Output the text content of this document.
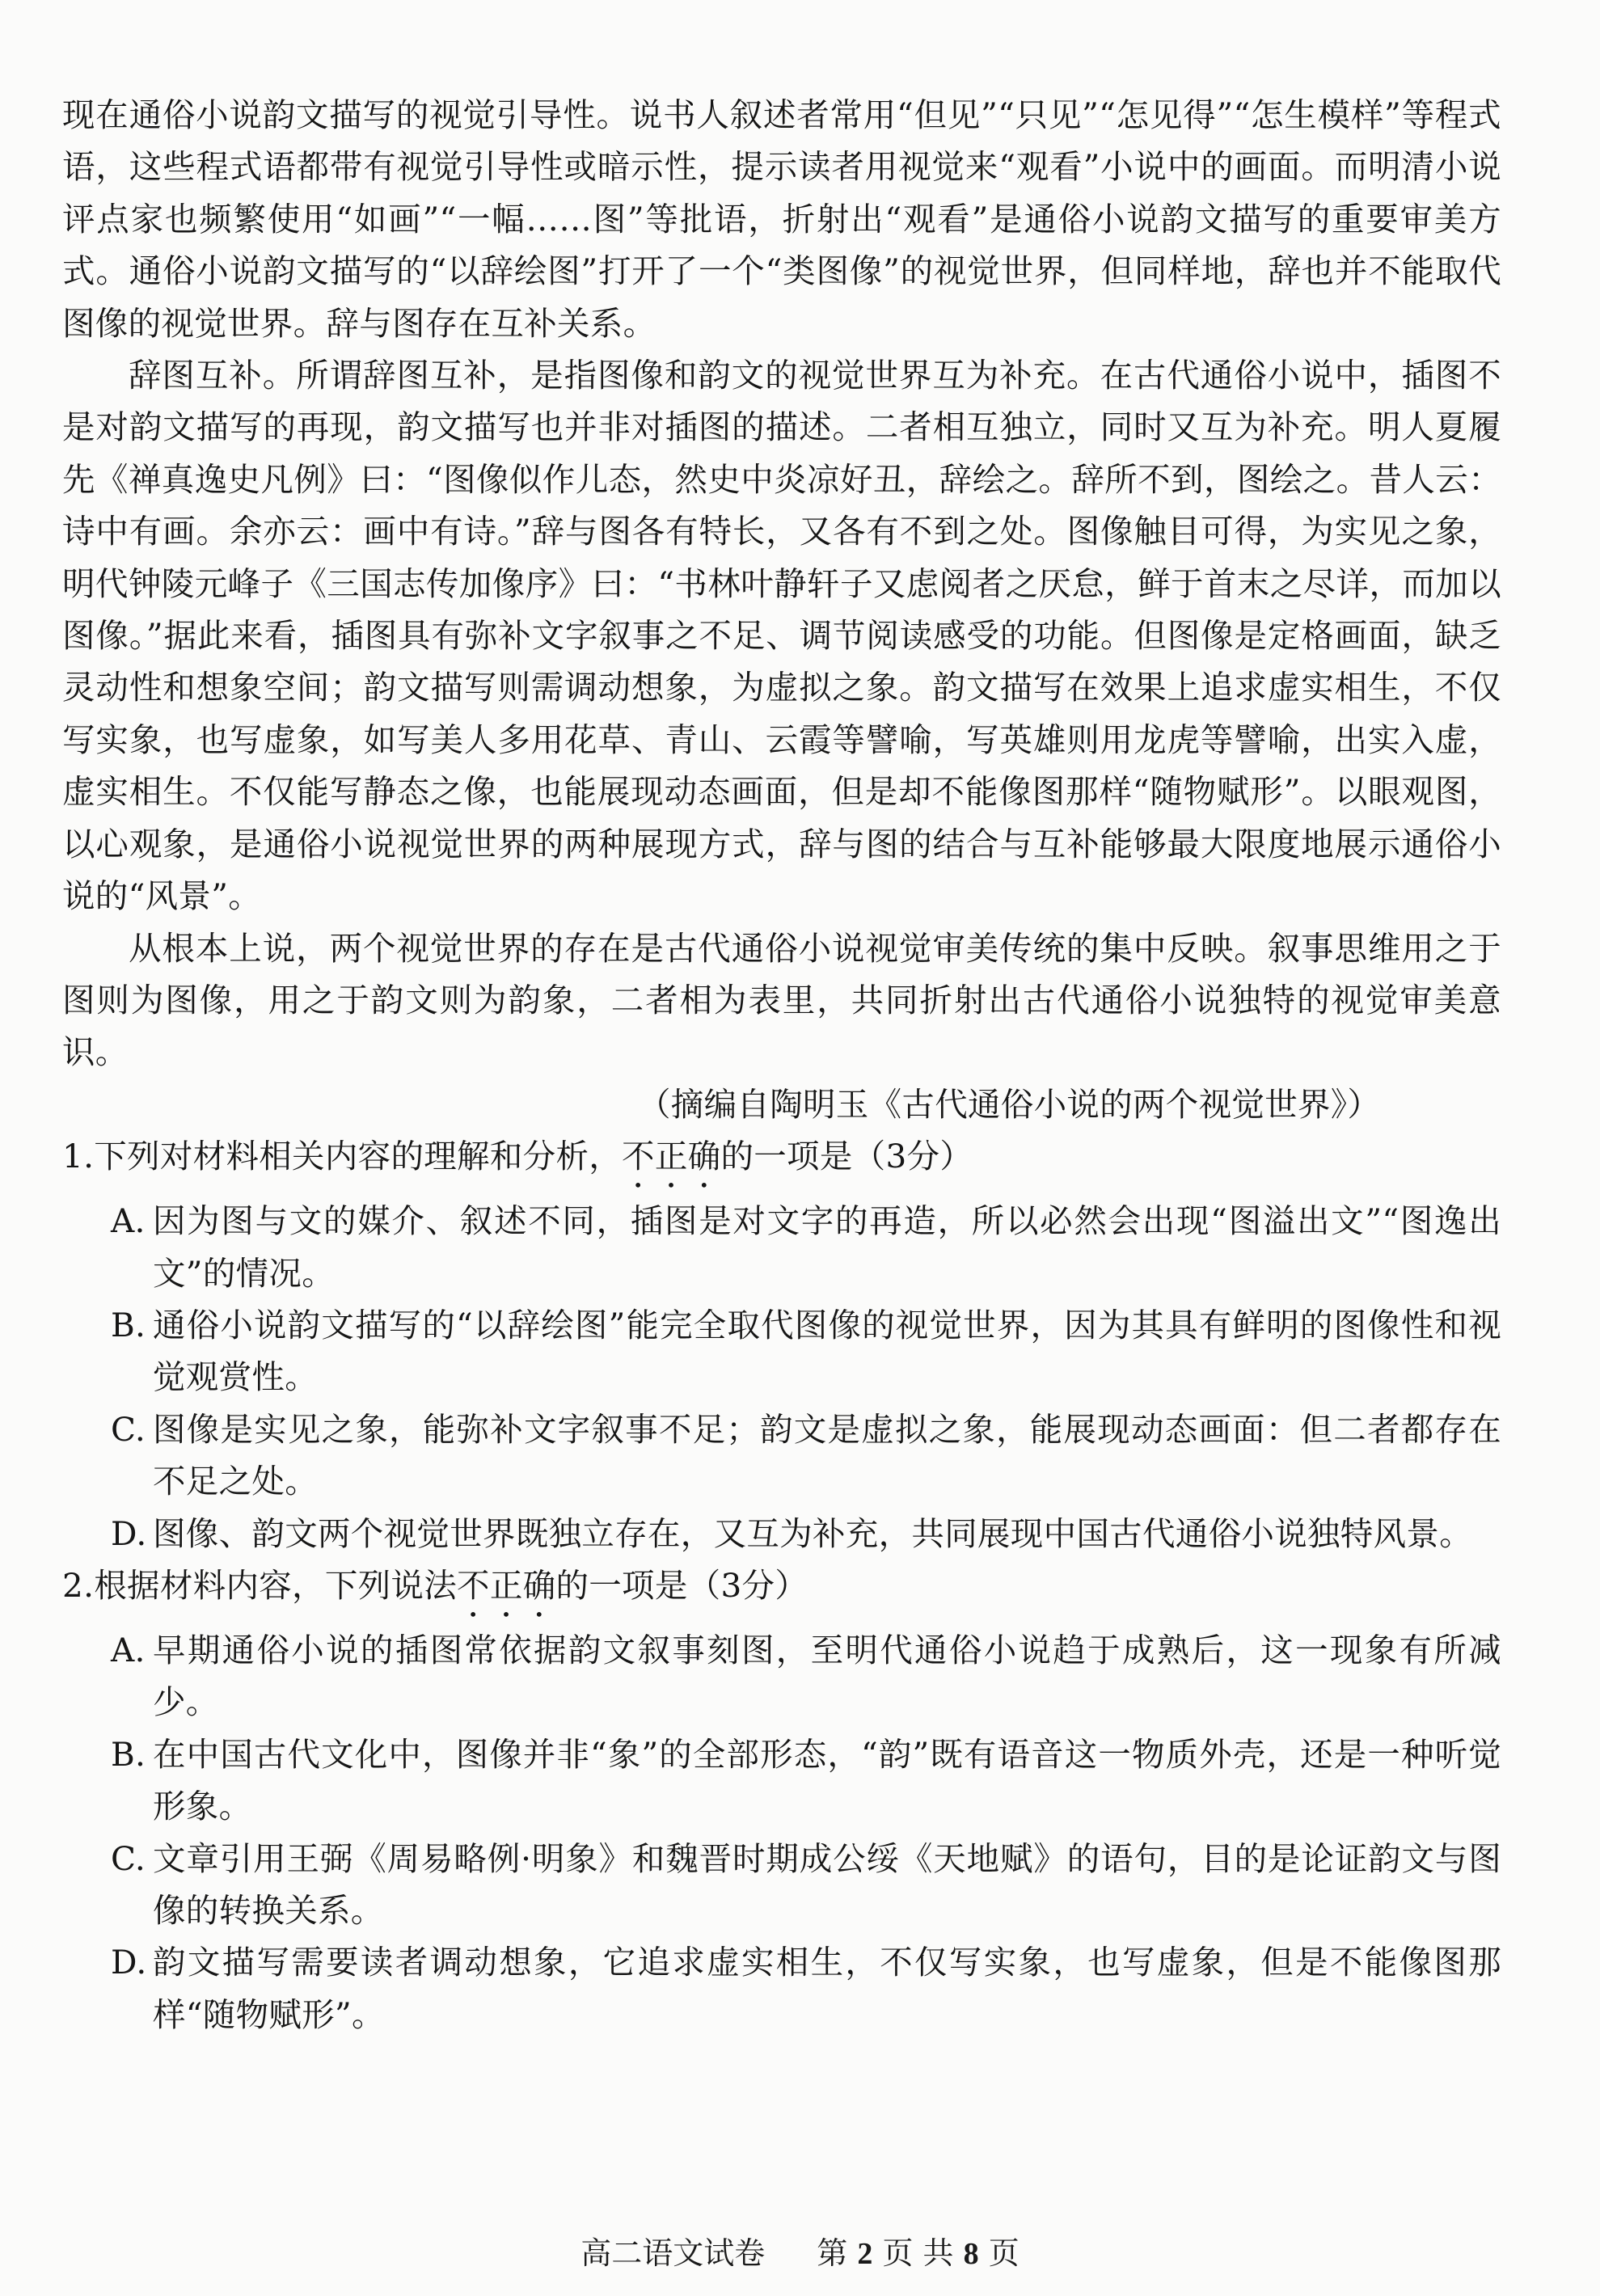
现在通俗小说韵文描写的视觉引导性。说书人叙述者常用“但见”“只见”“怎见得”“怎生模样”等程式语，这些程式语都带有视觉引导性或暗示性，提示读者用视觉来“观看”小说中的画面。而明清小说评点家也频繁使用“如画”“一幅……图”等批语，折射出“观看”是通俗小说韵文描写的重要审美方式。通俗小说韵文描写的“以辞绘图”打开了一个“类图像”的视觉世界，但同样地，辞也并不能取代图像的视觉世界。辞与图存在互补关系。

辞图互补。所谓辞图互补，是指图像和韵文的视觉世界互为补充。在古代通俗小说中，插图不是对韵文描写的再现，韵文描写也并非对插图的描述。二者相互独立，同时又互为补充。明人夏履先《禅真逸史凡例》曰：“图像似作儿态，然史中炎凉好丑，辞绘之。辞所不到，图绘之。昔人云：诗中有画。余亦云：画中有诗。”辞与图各有特长，又各有不到之处。图像触目可得，为实见之象，明代钟陵元峰子《三国志传加像序》曰：“书林叶静轩子又虑阅者之厌怠，鲜于首末之尽详，而加以图像。”据此来看，插图具有弥补文字叙事之不足、调节阅读感受的功能。但图像是定格画面，缺乏灵动性和想象空间；韵文描写则需调动想象，为虚拟之象。韵文描写在效果上追求虚实相生，不仅写实象，也写虚象，如写美人多用花草、青山、云霞等譬喻，写英雄则用龙虎等譬喻，出实入虚，虚实相生。不仅能写静态之像，也能展现动态画面，但是却不能像图那样“随物赋形”。以眼观图，以心观象，是通俗小说视觉世界的两种展现方式，辞与图的结合与互补能够最大限度地展示通俗小说的“风景”。

从根本上说，两个视觉世界的存在是古代通俗小说视觉审美传统的集中反映。叙事思维用之于图则为图像，用之于韵文则为韵象，二者相为表里，共同折射出古代通俗小说独特的视觉审美意识。

（摘编自陶明玉《古代通俗小说的两个视觉世界》）

1.下列对材料相关内容的理解和分析，不正确的一项是（3分）

A. 因为图与文的媒介、叙述不同，插图是对文字的再造，所以必然会出现“图溢出文”“图逸出文”的情况。
B. 通俗小说韵文描写的“以辞绘图”能完全取代图像的视觉世界，因为其具有鲜明的图像性和视觉观赏性。
C. 图像是实见之象，能弥补文字叙事不足；韵文是虚拟之象，能展现动态画面：但二者都存在不足之处。
D. 图像、韵文两个视觉世界既独立存在，又互为补充，共同展现中国古代通俗小说独特风景。

2.根据材料内容，下列说法不正确的一项是（3分）

A. 早期通俗小说的插图常依据韵文叙事刻图，至明代通俗小说趋于成熟后，这一现象有所减少。
B. 在中国古代文化中，图像并非“象”的全部形态，“韵”既有语音这一物质外壳，还是一种听觉形象。
C. 文章引用王弼《周易略例·明象》和魏晋时期成公绥《天地赋》的语句，目的是论证韵文与图像的转换关系。
D. 韵文描写需要读者调动想象，它追求虚实相生，不仅写实象，也写虚象，但是不能像图那样“随物赋形”。
高二语文试卷 第 2 页 共 8 页
